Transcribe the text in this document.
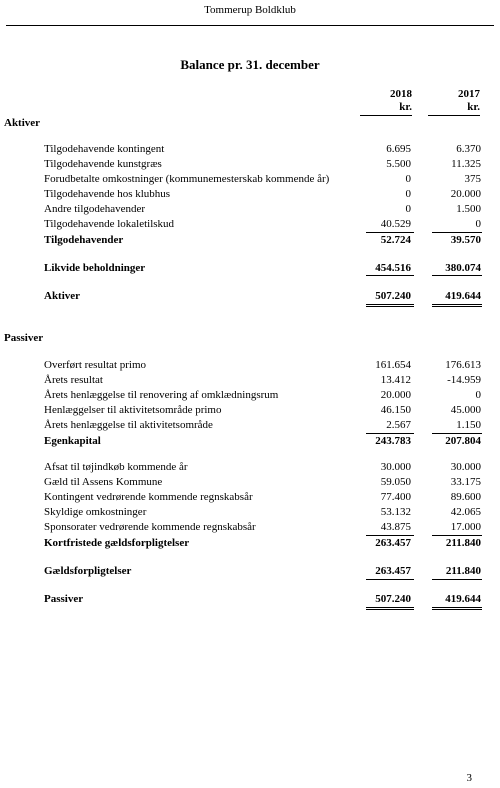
Tommerup Boldklub
Balance pr. 31. december
2018
kr.
2017
kr.
Aktiver
Tilgodehavende kontingent	6.695	6.370
Tilgodehavende kunstgræs	5.500	11.325
Forudbetalte omkostninger (kommunemesterskab kommende år)	0	375
Tilgodehavende hos klubhus	0	20.000
Andre tilgodehavender	0	1.500
Tilgodehavende lokaletilskud	40.529	0
Tilgodehavender	52.724	39.570
Likvide beholdninger	454.516	380.074
Aktiver	507.240	419.644
Passiver
Overført resultat primo	161.654	176.613
Årets resultat	13.412	-14.959
Årets henlæggelse til renovering af omklædningsrum	20.000	0
Henlæggelser til aktivitetsområde primo	46.150	45.000
Årets henlæggelse til aktivitetsområde	2.567	1.150
Egenkapital	243.783	207.804
Afsat til tøjindkøb kommende år	30.000	30.000
Gæld til Assens Kommune	59.050	33.175
Kontingent vedrørende kommende regnskabsår	77.400	89.600
Skyldige omkostninger	53.132	42.065
Sponsorater vedrørende kommende regnskabsår	43.875	17.000
Kortfristede gældsforpligtelser	263.457	211.840
Gældsforpligtelser	263.457	211.840
Passiver	507.240	419.644
3
